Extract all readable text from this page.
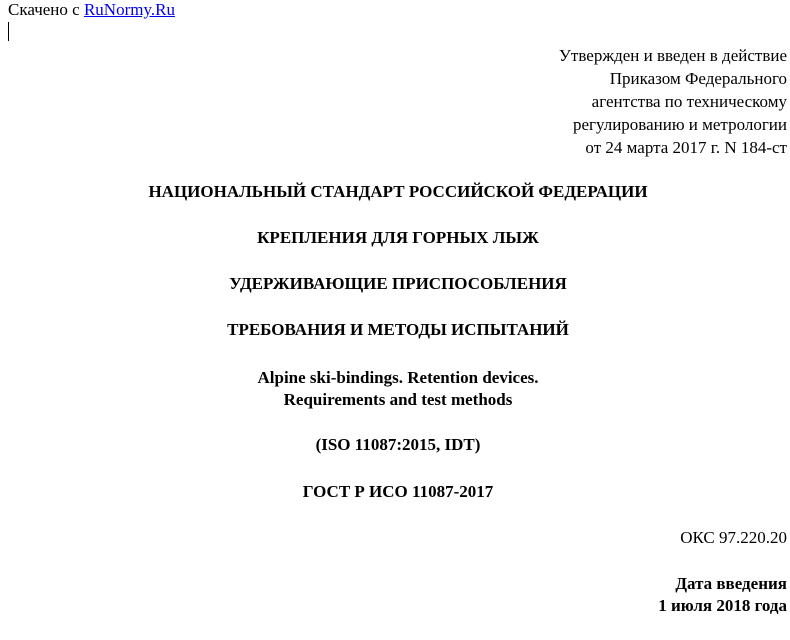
Скачено с RuNormy.Ru
Утвержден и введен в действие
Приказом Федерального
агентства по техническому
регулированию и метрологии
от 24 марта 2017 г. N 184-ст
НАЦИОНАЛЬНЫЙ СТАНДАРТ РОССИЙСКОЙ ФЕДЕРАЦИИ
КРЕПЛЕНИЯ ДЛЯ ГОРНЫХ ЛЫЖ
УДЕРЖИВАЮЩИЕ ПРИСПОСОБЛЕНИЯ
ТРЕБОВАНИЯ И МЕТОДЫ ИСПЫТАНИЙ
Alpine ski-bindings. Retention devices.
Requirements and test methods
(ISO 11087:2015, IDT)
ГОСТ Р ИСО 11087-2017
ОКС 97.220.20
Дата введения
1 июля 2018 года
